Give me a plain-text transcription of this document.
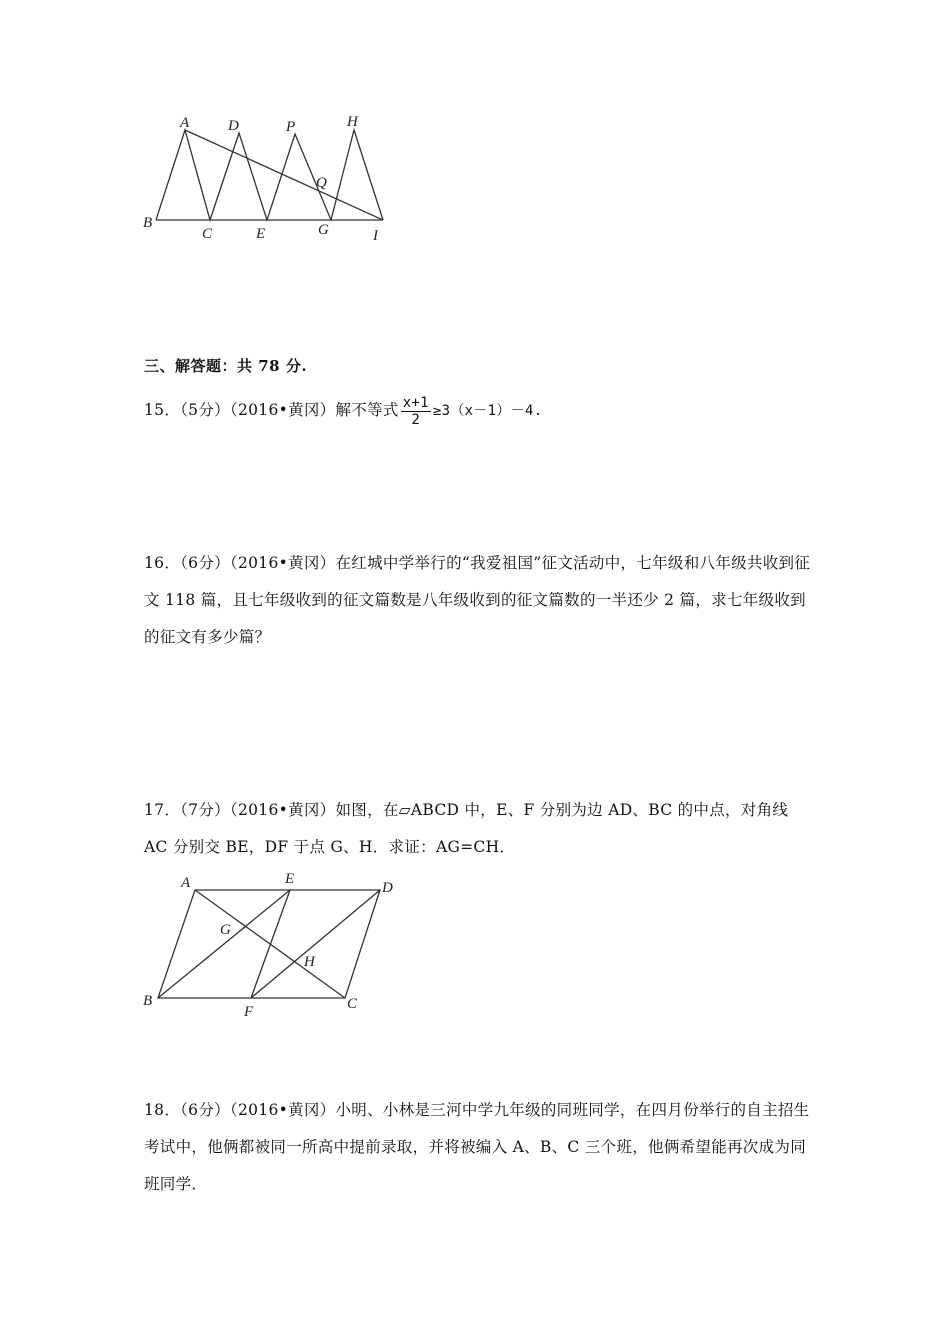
A
B
C
D
E
P
G
Q
H
I
三、解答题：共 78 分.
15．（5分）（2016•黄冈）解不等式 $\frac{x+1}{2} \ge 3(x-1)-4$.
16．（6分）（2016•黄冈）在红城中学举行的“我爱祖国”征文活动中，七年级和八年级共收到征文 118 篇，且七年级收到的征文篇数是八年级收到的征文篇数的一半还少 2 篇，求七年级收到的征文有多少篇？
17．（7分）（2016•黄冈）如图，在▱ABCD 中，E、F 分别为边 AD、BC 的中点，对角线 AC 分别交 BE，DF 于点 G、H．求证：AG=CH．
A	E
D
G
H
B
F	C
18．（6分）（2016•黄冈）小明、小林是三河中学九年级的同班同学，在四月份举行的自主招生考试中，他俩都被同一所高中提前录取，并将被编入 A、B、C 三个班，他俩希望能再次成为同班同学．
